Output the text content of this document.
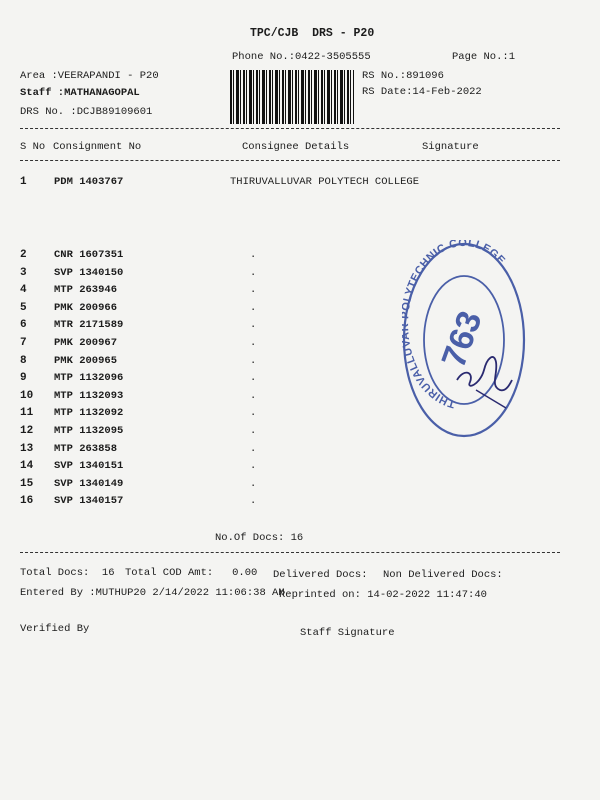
TPC/CJB  DRS - P20
Phone No.:0422-3505555	Page No.:1
Area :VEERAPANDI - P20
Staff :MATHANAGOPAL
DRS No. :DCJB89109601
RS No.:891096
RS Date:14-Feb-2022
S No Consignment No	Consignee Details	Signature
1	PDM 1403767	THIRUVALLUVAR POLYTECH COLLEGE
2	CNR 1607351	.
3	SVP 1340150	.
4	MTP 263946	.
5	PMK 200966	.
6	MTR 2171589	.
7	PMK 200967	.
8	PMK 200965	.
9	MTP 1132096	.
10 MTP 1132093	.
11 MTP 1132092	.
12 MTP 1132095	.
13 MTP 263858	.
14 SVP 1340151	.
15 SVP 1340149	.
16 SVP 1340157	.
THIRUVALLU LYTECHNIC COLLEGE
763
No.Of Docs: 16
Total Docs:  16 Total COD Amt:   0.00 Delivered Docs: Non Delivered Docs:
Entered By :MUTHUP20 2/14/2022 11:06:38 AM
Reprinted on: 14-02-2022 11:47:40
Verified By	Staff Signature
